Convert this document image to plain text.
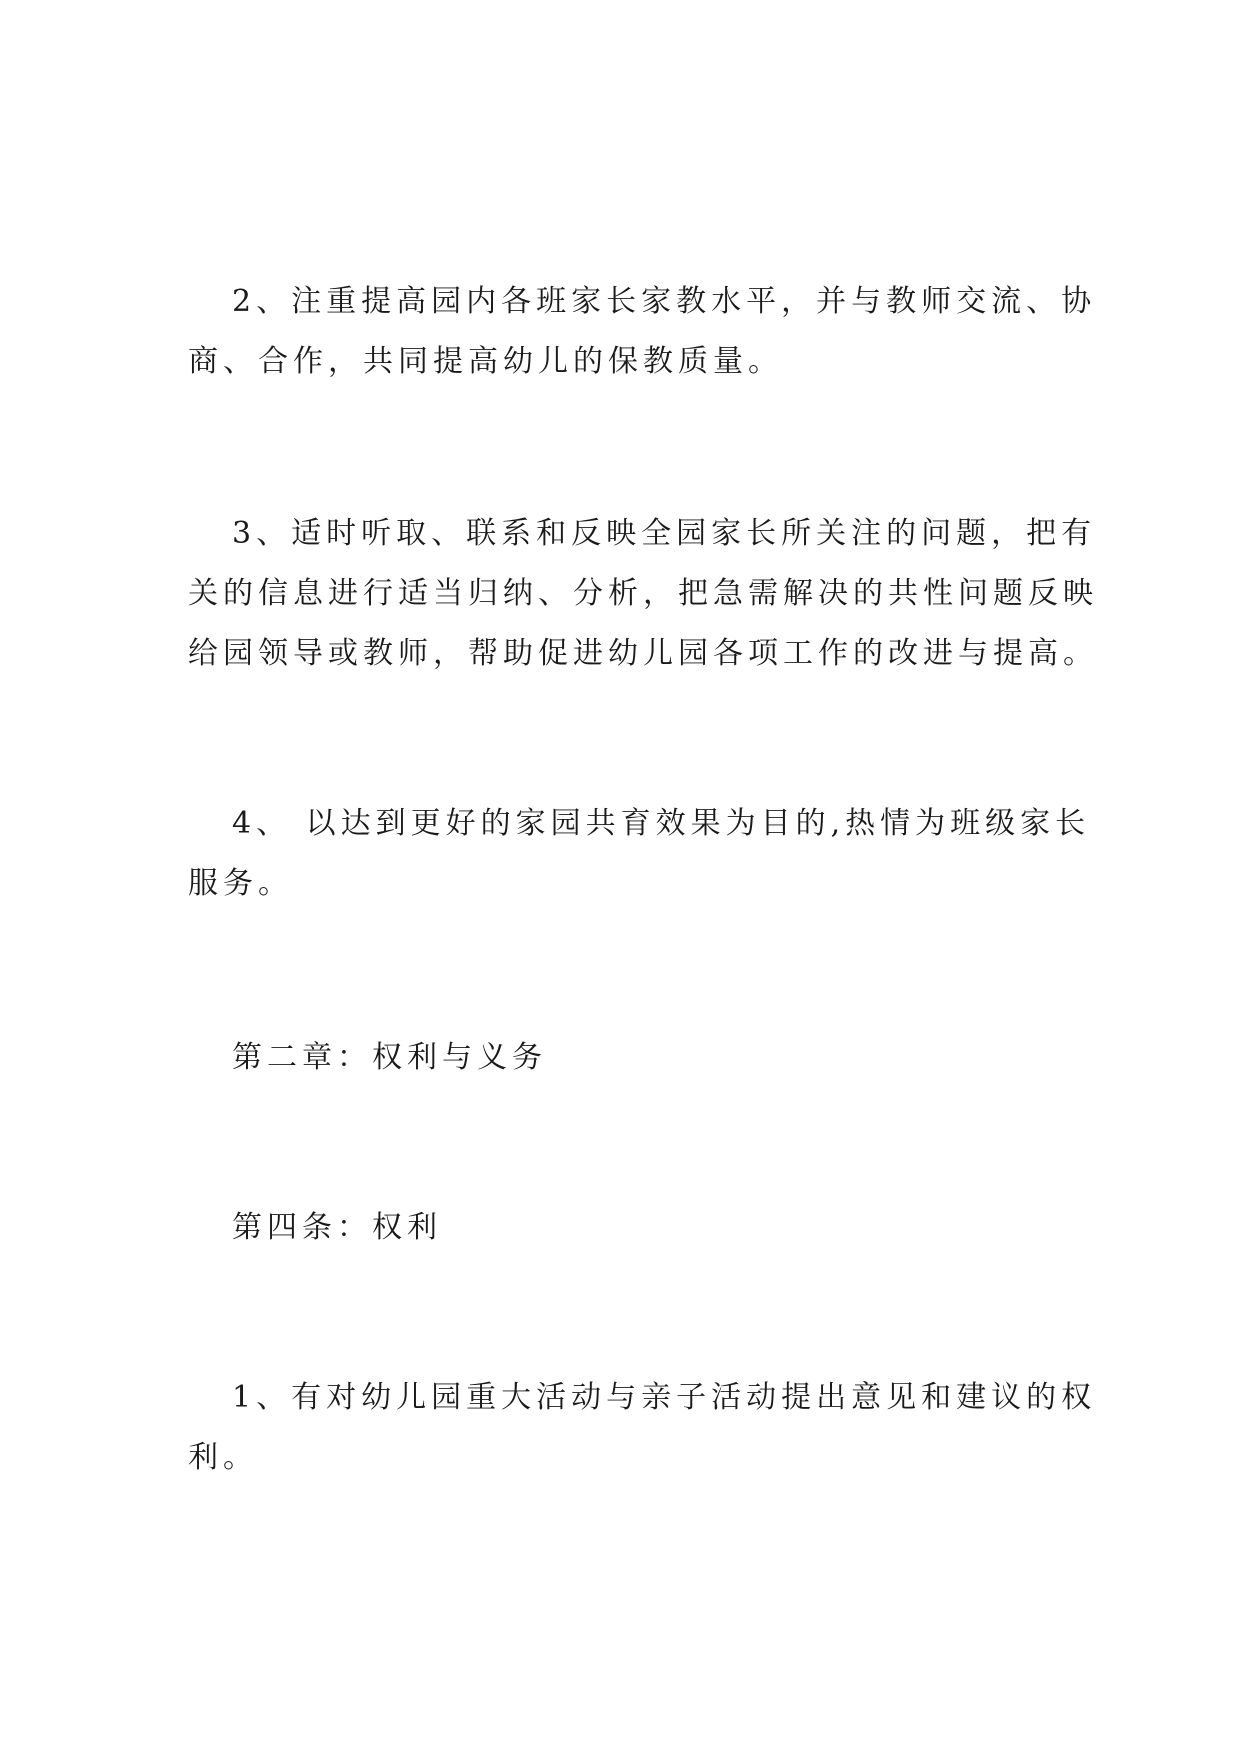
2、注重提高园内各班家长家教水平，并与教师交流、协
商、合作，共同提高幼儿的保教质量。

3、适时听取、联系和反映全园家长所关注的问题，把有
关的信息进行适当归纳、分析，把急需解决的共性问题反映
给园领导或教师，帮助促进幼儿园各项工作的改进与提高。

4、 以达到更好的家园共育效果为目的,热情为班级家长
服务。

第二章：权利与义务

第四条：权利

1、有对幼儿园重大活动与亲子活动提出意见和建议的权
利。
